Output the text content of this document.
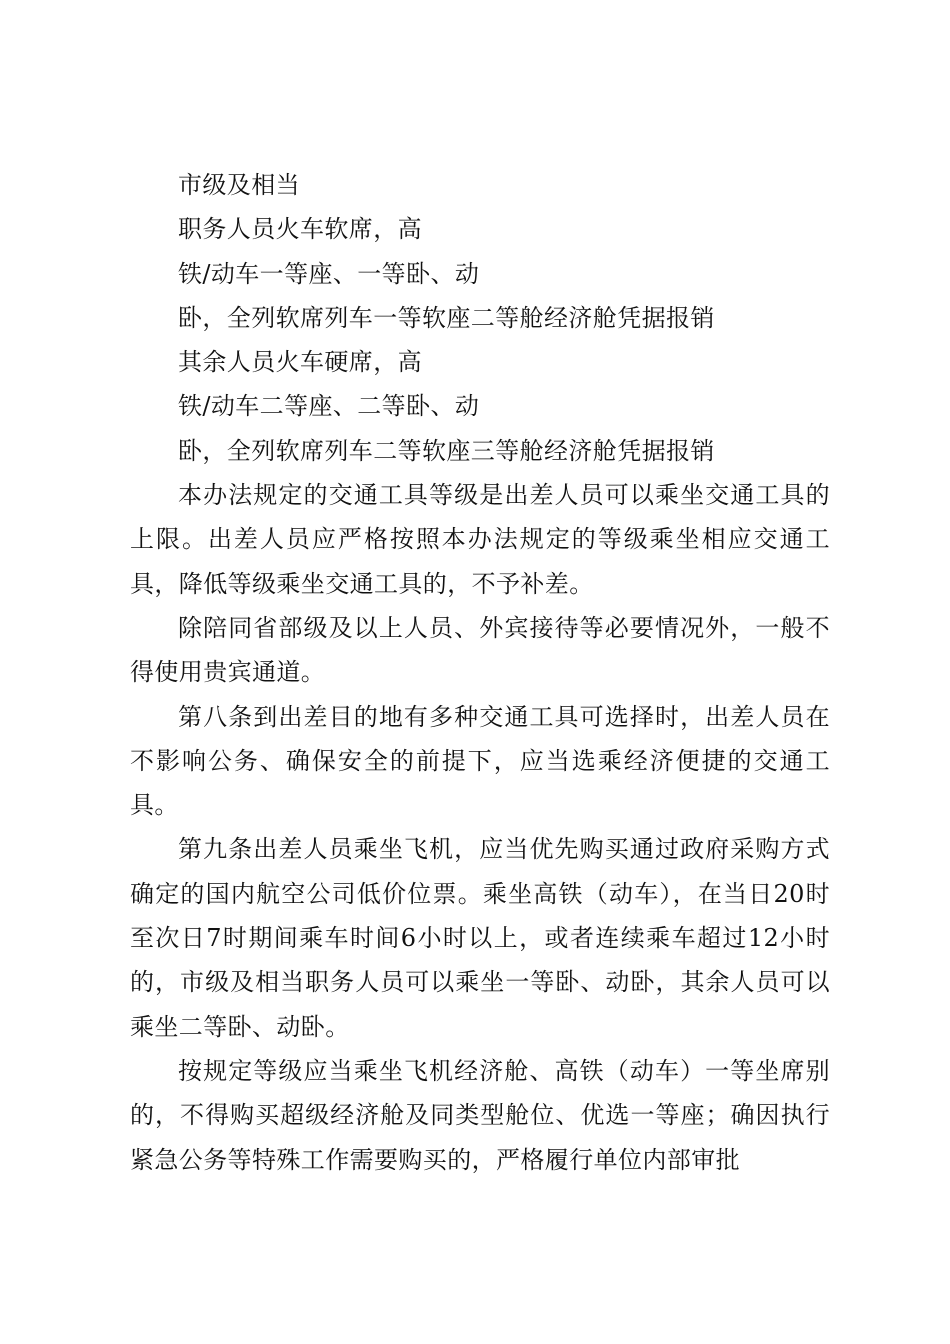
市级及相当

职务人员火车软席，高

铁/动车一等座、一等卧、动

卧，全列软席列车一等软座二等舱经济舱凭据报销

其余人员火车硬席，高

铁/动车二等座、二等卧、动

卧，全列软席列车二等软座三等舱经济舱凭据报销

本办法规定的交通工具等级是出差人员可以乘坐交通工具的上限。出差人员应严格按照本办法规定的等级乘坐相应交通工具，降低等级乘坐交通工具的，不予补差。

除陪同省部级及以上人员、外宾接待等必要情况外，一般不得使用贵宾通道。

第八条到出差目的地有多种交通工具可选择时，出差人员在不影响公务、确保安全的前提下，应当选乘经济便捷的交通工具。

第九条出差人员乘坐飞机，应当优先购买通过政府采购方式确定的国内航空公司低价位票。乘坐高铁（动车），在当日20时至次日7时期间乘车时间6小时以上，或者连续乘车超过12小时的，市级及相当职务人员可以乘坐一等卧、动卧，其余人员可以乘坐二等卧、动卧。

按规定等级应当乘坐飞机经济舱、高铁（动车）一等坐席别的，不得购买超级经济舱及同类型舱位、优选一等座；确因执行紧急公务等特殊工作需要购买的，严格履行单位内部审批
